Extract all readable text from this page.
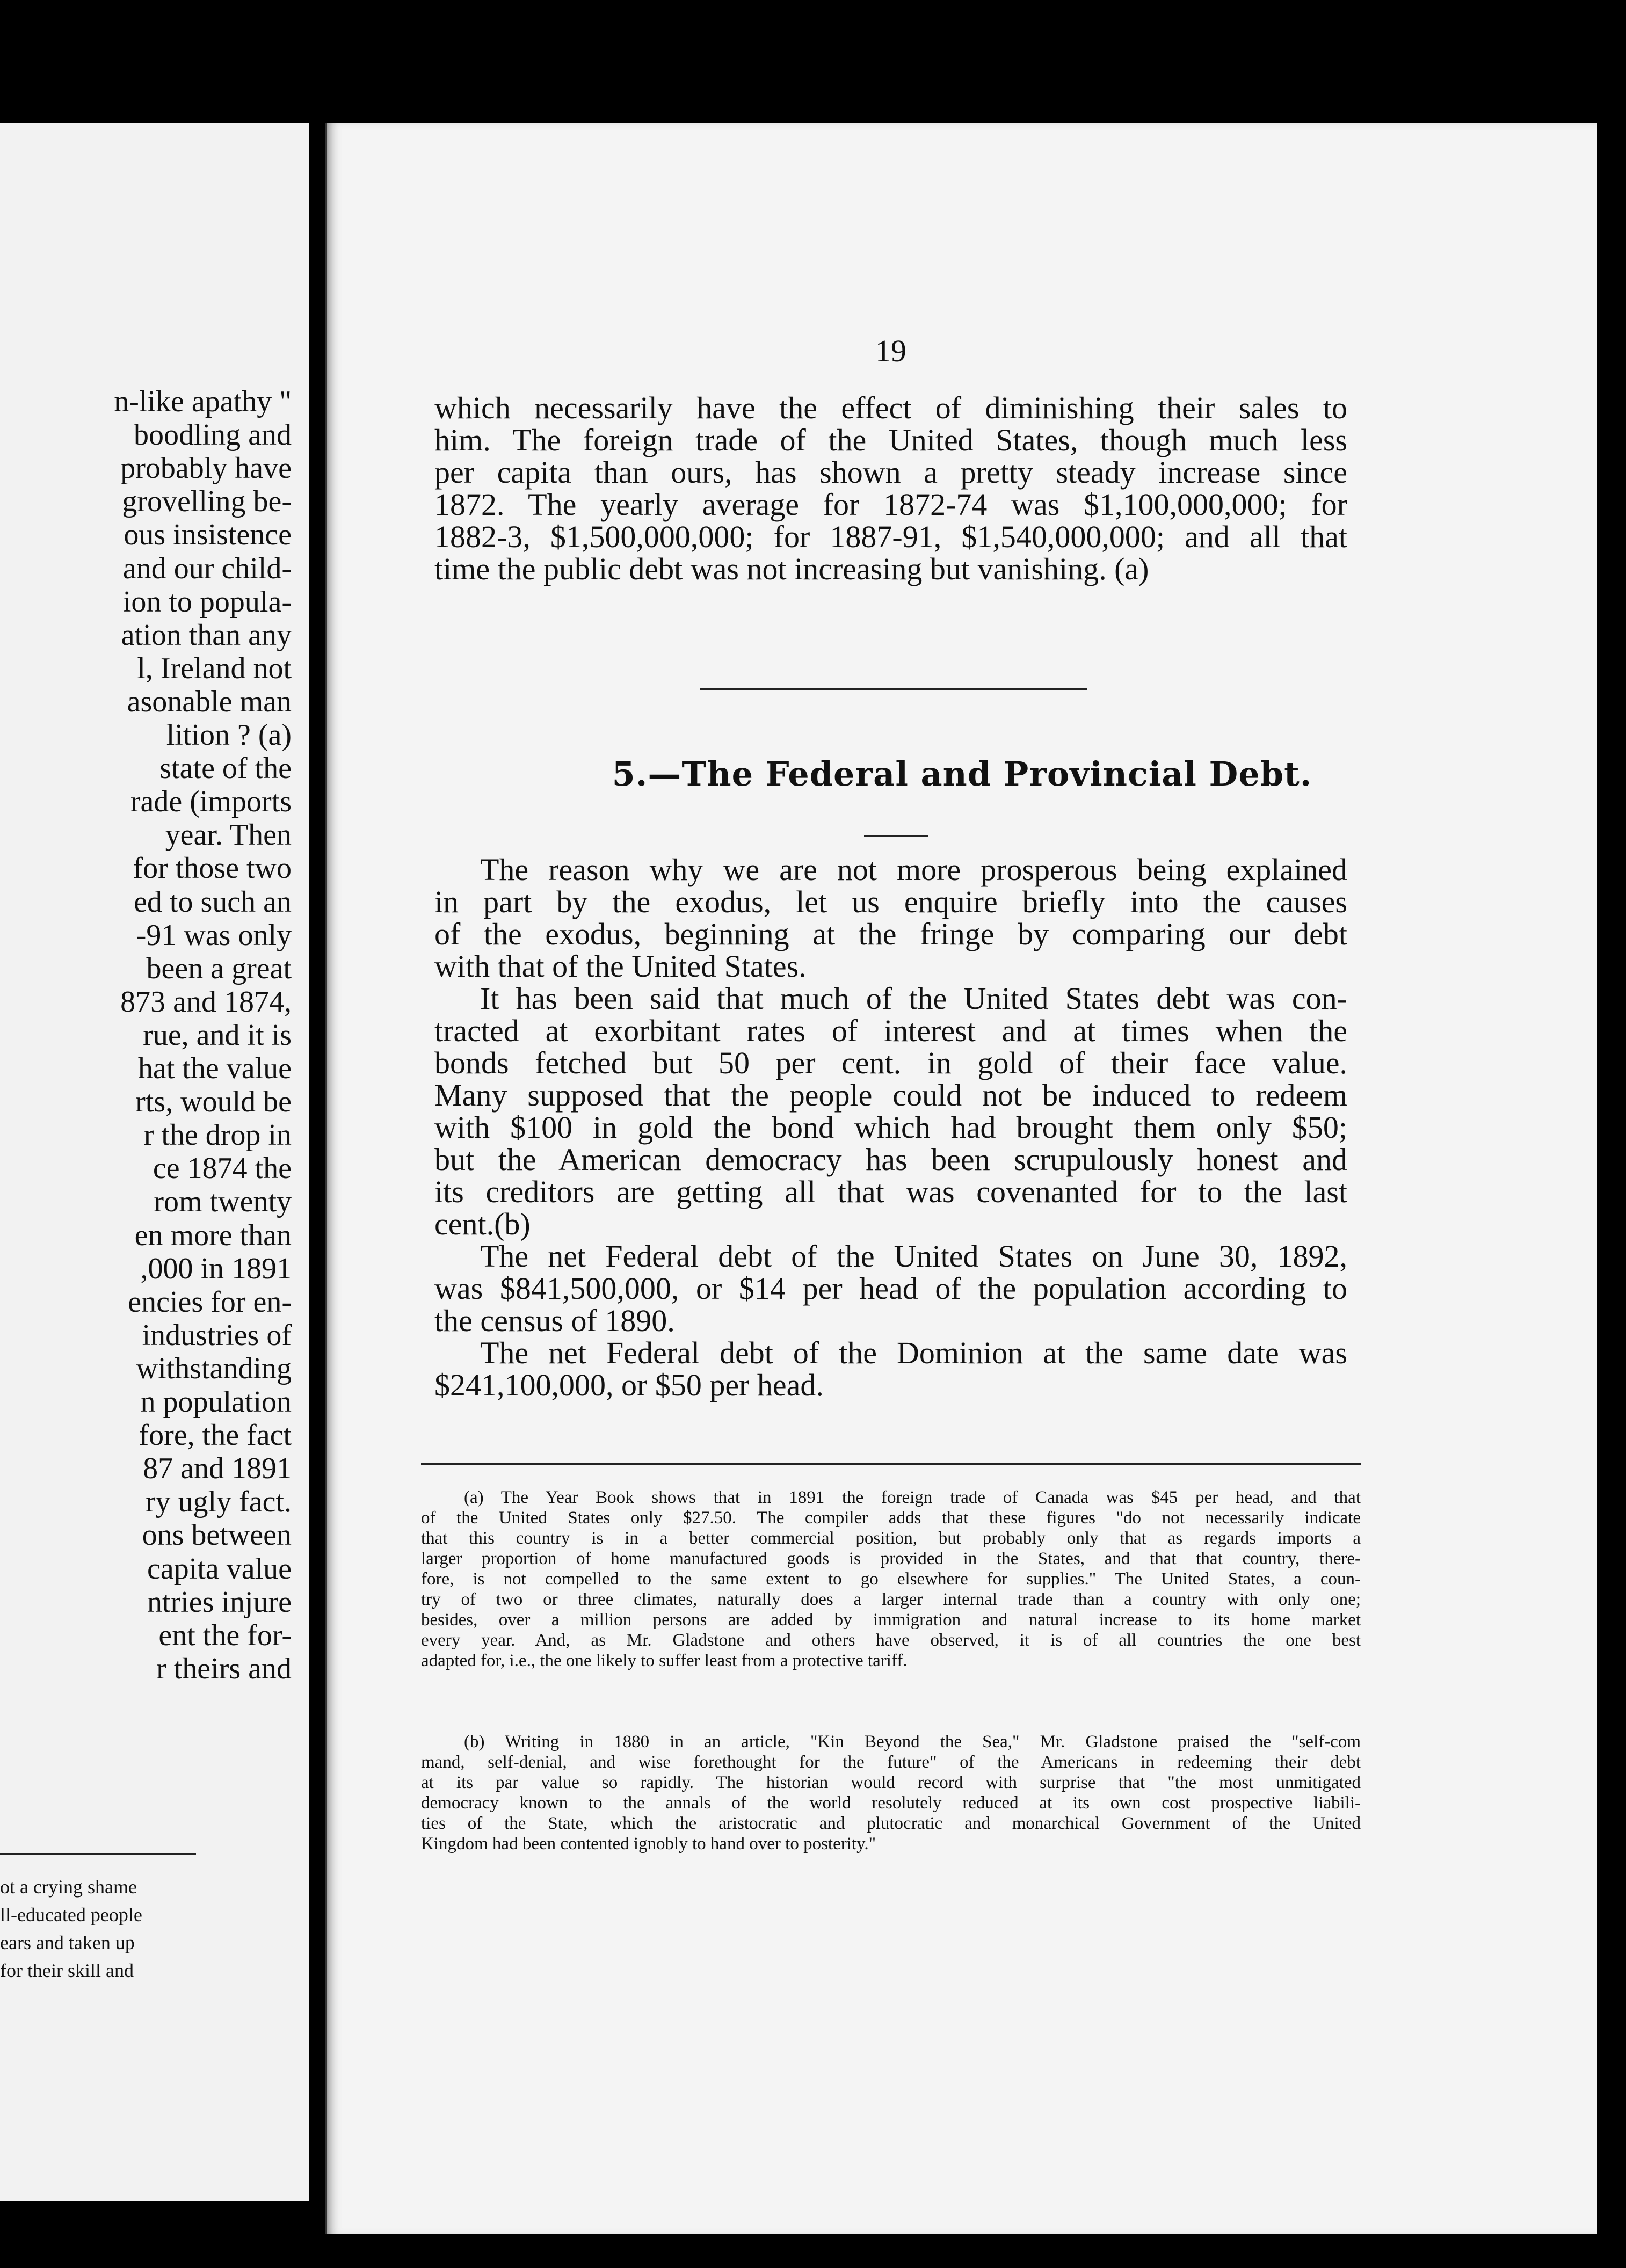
n-like apathy "
boodling and
probably have
grovelling be-
ous insistence
and our child-
ion to popula-
ation than any
l, Ireland not
asonable man
lition ? (a)
state of the
rade (imports
year. Then
for those two
ed to such an
-91 was only
been a great
873 and 1874,
rue, and it is
hat the value
rts, would be
r the drop in
ce 1874 the
rom twenty
en more than
,000 in 1891
encies for en-
industries of
withstanding
n population
fore, the fact
87 and 1891
ry ugly fact.
ons between
capita value
ntries injure
ent the for-
r theirs and
ot a crying shame
ll-educated people
ears and taken up
for their skill and
19
which necessarily have the effect of diminishing their sales to
him. The foreign trade of the United States, though much less
per capita than ours, has shown a pretty steady increase since
1872. The yearly average for 1872-74 was $1,100,000,000; for
1882-3, $1,500,000,000; for 1887-91, $1,540,000,000; and all that
time the public debt was not increasing but vanishing. (a)
5.—The Federal and Provincial Debt.
The reason why we are not more prosperous being explained
in part by the exodus, let us enquire briefly into the causes
of the exodus, beginning at the fringe by comparing our debt
with that of the United States.
It has been said that much of the United States debt was con-
tracted at exorbitant rates of interest and at times when the
bonds fetched but 50 per cent. in gold of their face value.
Many supposed that the people could not be induced to redeem
with $100 in gold the bond which had brought them only $50;
but the American democracy has been scrupulously honest and
its creditors are getting all that was covenanted for to the last
cent.(b)
The net Federal debt of the United States on June 30, 1892,
was $841,500,000, or $14 per head of the population according to
the census of 1890.
The net Federal debt of the Dominion at the same date was
$241,100,000, or $50 per head.
(a) The Year Book shows that in 1891 the foreign trade of Canada was $45 per head, and that
of the United States only $27.50. The compiler adds that these figures "do not necessarily indicate
that this country is in a better commercial position, but probably only that as regards imports a
larger proportion of home manufactured goods is provided in the States, and that that country, there-
fore, is not compelled to the same extent to go elsewhere for supplies." The United States, a coun-
try of two or three climates, naturally does a larger internal trade than a country with only one;
besides, over a million persons are added by immigration and natural increase to its home market
every year. And, as Mr. Gladstone and others have observed, it is of all countries the one best
adapted for, i.e., the one likely to suffer least from a protective tariff.
(b) Writing in 1880 in an article, "Kin Beyond the Sea," Mr. Gladstone praised the "self-com
mand, self-denial, and wise forethought for the future" of the Americans in redeeming their debt
at its par value so rapidly. The historian would record with surprise that "the most unmitigated
democracy known to the annals of the world resolutely reduced at its own cost prospective liabili-
ties of the State, which the aristocratic and plutocratic and monarchical Government of the United
Kingdom had been contented ignobly to hand over to posterity."
